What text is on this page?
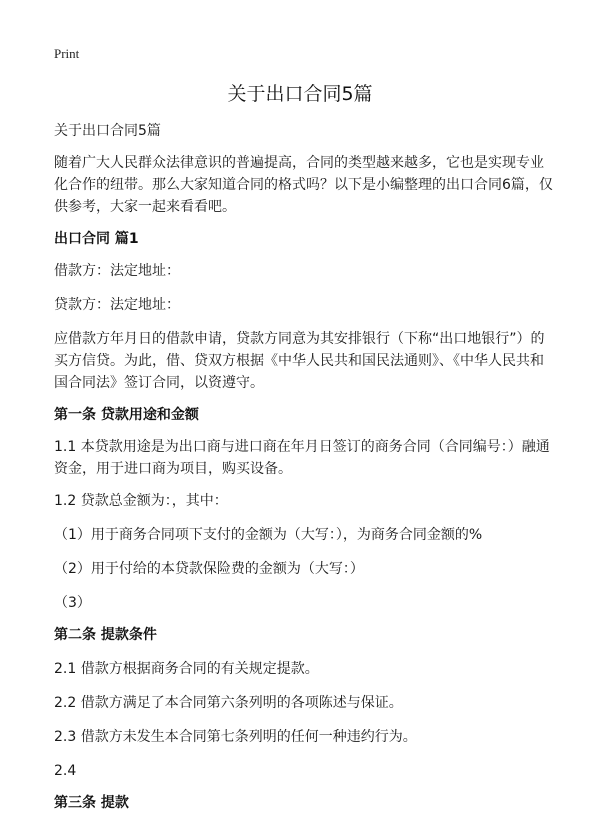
Print
关于出口合同5篇

关于出口合同5篇

随着广大人民群众法律意识的普遍提高，合同的类型越来越多，它也是实现专业化合作的纽带。那么大家知道合同的格式吗？以下是小编整理的出口合同6篇，仅供参考，大家一起来看看吧。

出口合同 篇1

借款方：法定地址：

贷款方：法定地址：

应借款方年月日的借款申请，贷款方同意为其安排银行（下称“出口地银行”）的买方信贷。为此，借、贷双方根据《中华人民共和国民法通则》、《中华人民共和国合同法》签订合同，以资遵守。

第一条 贷款用途和金额

1.1 本贷款用途是为出口商与进口商在年月日签订的商务合同（合同编号：）融通资金，用于进口商为项目，购买设备。

1.2 贷款总金额为：，其中：

（1）用于商务合同项下支付的金额为（大写：），为商务合同金额的%

（2）用于付给的本贷款保险费的金额为（大写：）

（3）

第二条 提款条件

2.1 借款方根据商务合同的有关规定提款。

2.2 借款方满足了本合同第六条列明的各项陈述与保证。

2.3 借款方未发生本合同第七条列明的任何一种违约行为。

2.4

第三条 提款
